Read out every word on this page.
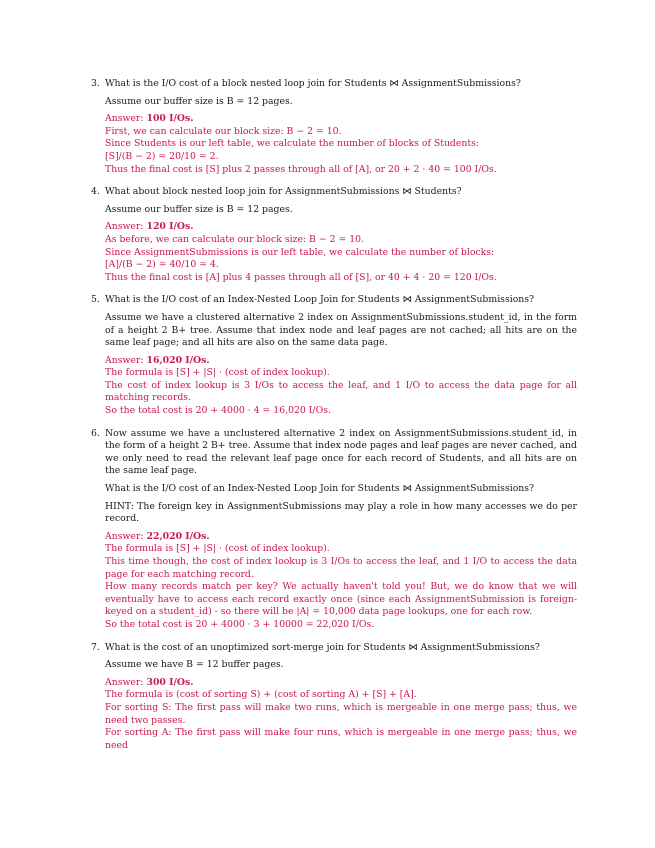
3. What is the I/O cost of a block nested loop join for Students ⋈ AssignmentSubmissions?

Assume our buffer size is B = 12 pages.

Answer: 100 I/Os.
First, we can calculate our block size: B − 2 = 10.
Since Students is our left table, we calculate the number of blocks of Students:
[S]/(B − 2) = 20/10 = 2.
Thus the final cost is [S] plus 2 passes through all of [A], or 20 + 2 · 40 = 100 I/Os.
4. What about block nested loop join for AssignmentSubmissions ⋈ Students?

Assume our buffer size is B = 12 pages.

Answer: 120 I/Os.
As before, we can calculate our block size: B − 2 = 10.
Since AssignmentSubmissions is our left table, we calculate the number of blocks:
[A]/(B − 2) = 40/10 = 4.
Thus the final cost is [A] plus 4 passes through all of [S], or 40 + 4 · 20 = 120 I/Os.
5. What is the I/O cost of an Index-Nested Loop Join for Students ⋈ AssignmentSubmissions?

Assume we have a clustered alternative 2 index on AssignmentSubmissions.student_id, in the form of a height 2 B+ tree. Assume that index node and leaf pages are not cached; all hits are on the same leaf page; and all hits are also on the same data page.

Answer: 16,020 I/Os.
The formula is [S] + |S| · (cost of index lookup).
The cost of index lookup is 3 I/Os to access the leaf, and 1 I/O to access the data page for all matching records.
So the total cost is 20 + 4000 · 4 = 16,020 I/Os.
6. Now assume we have a unclustered alternative 2 index on AssignmentSubmissions.student_id, in the form of a height 2 B+ tree. Assume that index node pages and leaf pages are never cached, and we only need to read the relevant leaf page once for each record of Students, and all hits are on the same leaf page.

What is the I/O cost of an Index-Nested Loop Join for Students ⋈ AssignmentSubmissions?

HINT: The foreign key in AssignmentSubmissions may play a role in how many accesses we do per record.

Answer: 22,020 I/Os.
The formula is [S] + |S| · (cost of index lookup).
This time though, the cost of index lookup is 3 I/Os to access the leaf, and 1 I/O to access the data page for each matching record.
How many records match per key? We actually haven't told you! But, we do know that we will eventually have to access each record exactly once (since each AssignmentSubmission is foreign-keyed on a student_id) - so there will be |A| = 10,000 data page lookups, one for each row.
So the total cost is 20 + 4000 · 3 + 10000 = 22,020 I/Os.
7. What is the cost of an unoptimized sort-merge join for Students ⋈ AssignmentSubmissions?

Assume we have B = 12 buffer pages.

Answer: 300 I/Os.
The formula is (cost of sorting S) + (cost of sorting A) + [S] + [A].
For sorting S: The first pass will make two runs, which is mergeable in one merge pass; thus, we need two passes.
For sorting A: The first pass will make four runs, which is mergeable in one merge pass; thus, we need
